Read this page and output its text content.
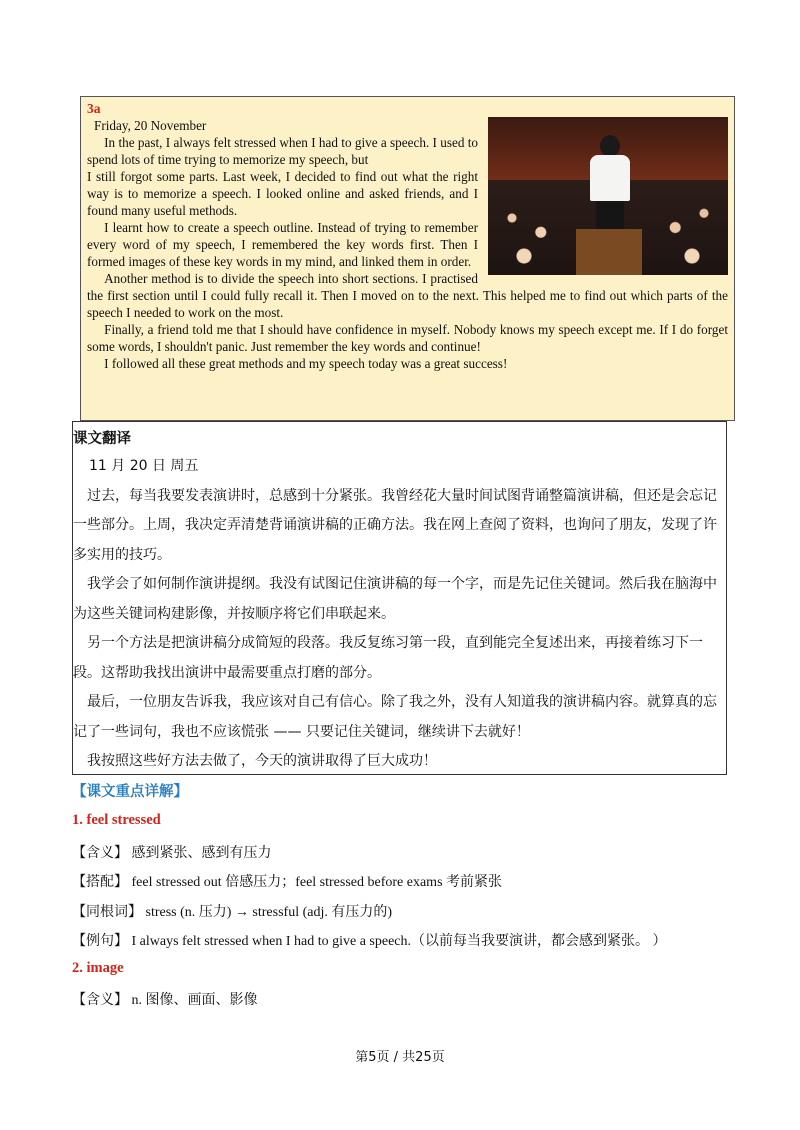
3a
Friday, 20 November

In the past, I always felt stressed when I had to give a speech. I used to spend lots of time trying to memorize my speech, but

I still forgot some parts. Last week, I decided to find out what the right way is to memorize a speech. I looked online and asked friends, and I found many useful methods.

I learnt how to create a speech outline. Instead of trying to remember every word of my speech, I remembered the key words first. Then I formed images of these key words in my mind, and linked them in order.

Another method is to divide the speech into short sections. I practised the first section until I could fully recall it. Then I moved on to the next. This helped me to find out which parts of the speech I needed to work on the most.

Finally, a friend told me that I should have confidence in myself. Nobody knows my speech except me. If I do forget some words, I shouldn't panic. Just remember the key words and continue!

I followed all these great methods and my speech today was a great success!

课文翻译

11 月 20 日 周五

过去，每当我要发表演讲时，总感到十分紧张。我曾经花大量时间试图背诵整篇演讲稿，但还是会忘记一些部分。上周，我决定弄清楚背诵演讲稿的正确方法。我在网上查阅了资料，也询问了朋友，发现了许多实用的技巧。

我学会了如何制作演讲提纲。我没有试图记住演讲稿的每一个字，而是先记住关键词。然后我在脑海中为这些关键词构建影像，并按顺序将它们串联起来。

另一个方法是把演讲稿分成简短的段落。我反复练习第一段，直到能完全复述出来，再接着练习下一段。这帮助我找出演讲中最需要重点打磨的部分。

最后，一位朋友告诉我，我应该对自己有信心。除了我之外，没有人知道我的演讲稿内容。就算真的忘记了一些词句，我也不应该慌张 —— 只要记住关键词，继续讲下去就好！

我按照这些好方法去做了，今天的演讲取得了巨大成功！

【课文重点详解】
1. feel stressed
【含义】 感到紧张、感到有压力
【搭配】 feel stressed out 倍感压力；feel stressed before exams 考前紧张
【同根词】 stress (n. 压力) → stressful (adj. 有压力的)
【例句】 I always felt stressed when I had to give a speech.（以前每当我要演讲，都会感到紧张。 ）
2. image
【含义】 n. 图像、画面、影像
第5页 / 共25页
